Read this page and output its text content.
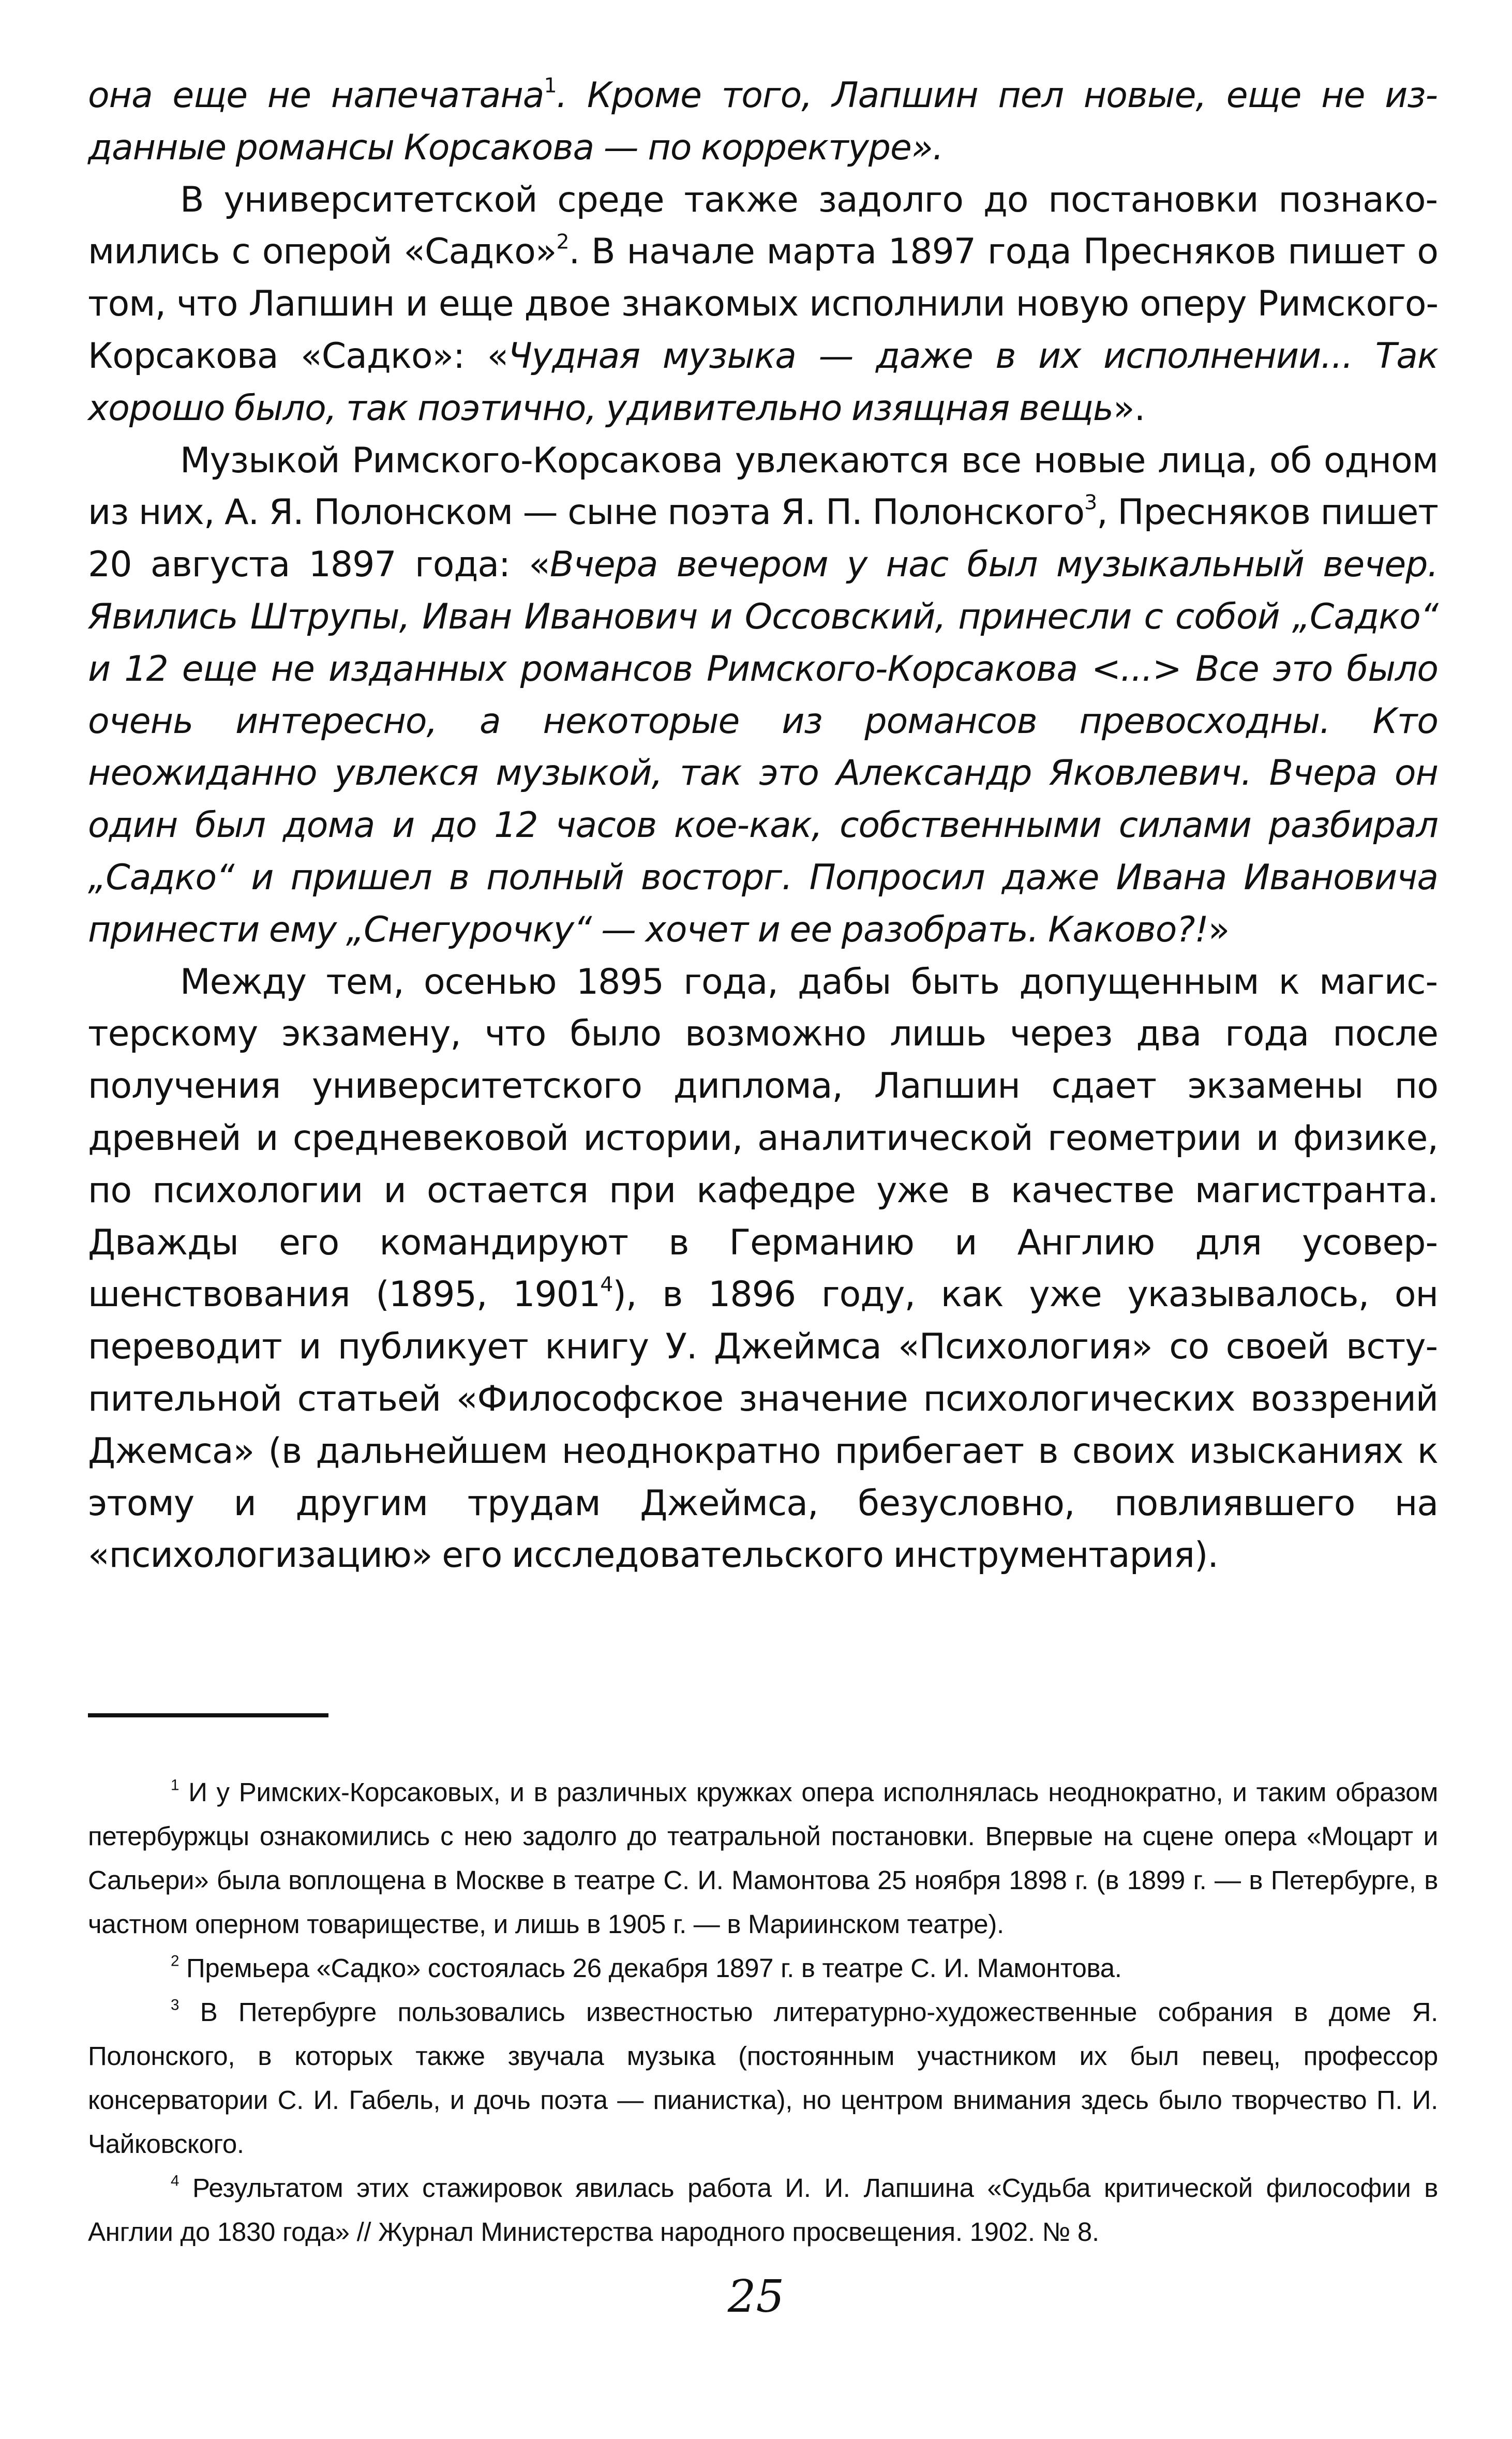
она еще не напечатана$^1$. Кроме того, Лапшин пел новые, еще не изданные романсы Корсакова — по корректуре».

В университетской среде также задолго до постановки познакомились с оперой «Садко»$^2$. В начале марта 1897 года Пресняков пишет о том, что Лапшин и еще двое знакомых исполнили новую оперу Римского-Корсакова «Садко»: «Чудная музыка — даже в их исполнении... Так хорошо было, так поэтично, удивительно изящная вещь».

Музыкой Римского-Корсакова увлекаются все новые лица, об одном из них, А. Я. Полонском — сыне поэта Я. П. Полонского$^3$, Пресняков пишет 20 августа 1897 года: «Вчера вечером у нас был музыкальный вечер. Явились Штрупы, Иван Иванович и Оссовский, принесли с собой „Садко“ и 12 еще не изданных романсов Римского-Корсакова <...> Все это было очень интересно, а некоторые из романсов превосходны. Кто неожиданно увлекся музыкой, так это Александр Яковлевич. Вчера он один был дома и до 12 часов кое-как, собственными силами разбирал „Садко“ и пришел в полный восторг. Попросил даже Ивана Ивановича принести ему „Снегурочку“ — хочет и ее разобрать. Каково?!»

Между тем, осенью 1895 года, дабы быть допущенным к магистерскому экзамену, что было возможно лишь через два года после получения университетского диплома, Лапшин сдает экзамены по древней и средневековой истории, аналитической геометрии и физике, по психологии и остается при кафедре уже в качестве магистранта. Дважды его командируют в Германию и Англию для усовершенствования (1895, 1901$^4$), в 1896 году, как уже указывалось, он переводит и публикует книгу У. Джеймса «Психология» со своей вступительной статьей «Философское значение психологических воззрений Джемса» (в дальнейшем неоднократно прибегает в своих изысканиях к этому и другим трудам Джеймса, безусловно, повлиявшего на «психологизацию» его исследовательского инструментария).

$^1$ И у Римских-Корсаковых, и в различных кружках опера исполнялась неоднократно, и таким образом петербуржцы ознакомились с нею задолго до театральной постановки. Впервые на сцене опера «Моцарт и Сальери» была воплощена в Москве в театре С. И. Мамонтова 25 ноября 1898 г. (в 1899 г. — в Петербурге, в частном оперном товариществе, и лишь в 1905 г. — в Мариинском театре).

$^2$ Премьера «Садко» состоялась 26 декабря 1897 г. в театре С. И. Мамонтова.

$^3$ В Петербурге пользовались известностью литературно-художественные собрания в доме Я. Полонского, в которых также звучала музыка (постоянным участником их был певец, профессор консерватории С. И. Габель, и дочь поэта — пианистка), но центром внимания здесь было творчество П. И. Чайковского.

$^4$ Результатом этих стажировок явилась работа И. И. Лапшина «Судьба критической философии в Англии до 1830 года» // Журнал Министерства народного просвещения. 1902. № 8.

25
